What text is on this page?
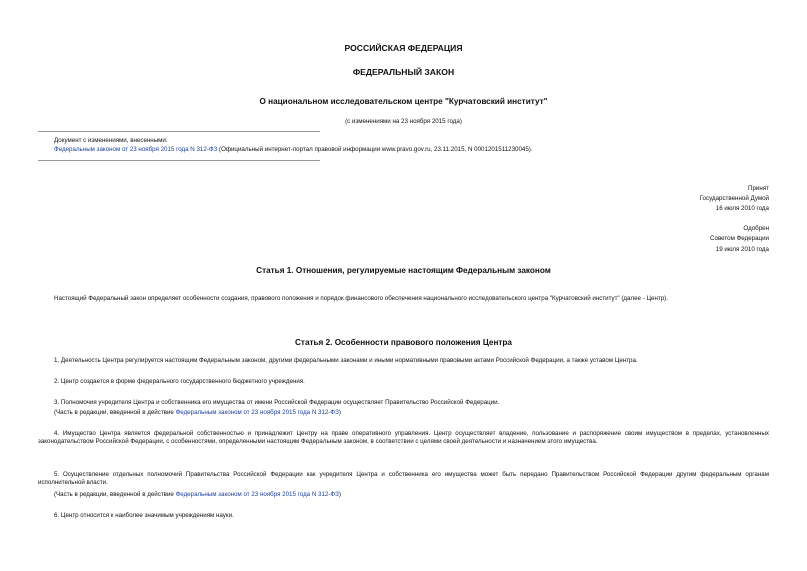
РОССИЙСКАЯ ФЕДЕРАЦИЯ
ФЕДЕРАЛЬНЫЙ ЗАКОН
О национальном исследовательском центре "Курчатовский институт"
(с изменениями на 23 ноября 2015 года)
Документ с изменениями, внесенными:
Федеральным законом от 23 ноября 2015 года N 312-ФЗ (Официальный интернет-портал правовой информации www.pravo.gov.ru, 23.11.2015, N 0001201511230045).
Принят
Государственной Думой
16 июля 2010 года
Одобрен
Советом Федерации
19 июля 2010 года
Статья 1. Отношения, регулируемые настоящим Федеральным законом
Настоящий Федеральный закон определяет особенности создания, правового положения и порядок финансового обеспечения национального исследовательского центра "Курчатовский институт" (далее - Центр).
Статья 2. Особенности правового положения Центра
1. Деятельность Центра регулируется настоящим Федеральным законом, другими федеральными законами и иными нормативными правовыми актами Российской Федерации, а также уставом Центра.
2. Центр создается в форме федерального государственного бюджетного учреждения.
3. Полномочия учредителя Центра и собственника его имущества от имени Российской Федерации осуществляет Правительство Российской Федерации.
(Часть в редакции, введенной в действие Федеральным законом от 23 ноября 2015 года N 312-ФЗ)
4. Имущество Центра является федеральной собственностью и принадлежит Центру на праве оперативного управления. Центр осуществляет владение, пользование и распоряжение своим имуществом в пределах, установленных законодательством Российской Федерации, с особенностями, определенными настоящим Федеральным законом, в соответствии с целями своей деятельности и назначением этого имущества.
5. Осуществление отдельных полномочий Правительства Российской Федерации как учредителя Центра и собственника его имущества может быть передано Правительством Российской Федерации другим федеральным органам исполнительной власти.
(Часть в редакции, введенной в действие Федеральным законом от 23 ноября 2015 года N 312-ФЗ)
6. Центр относится к наиболее значимым учреждениям науки.
